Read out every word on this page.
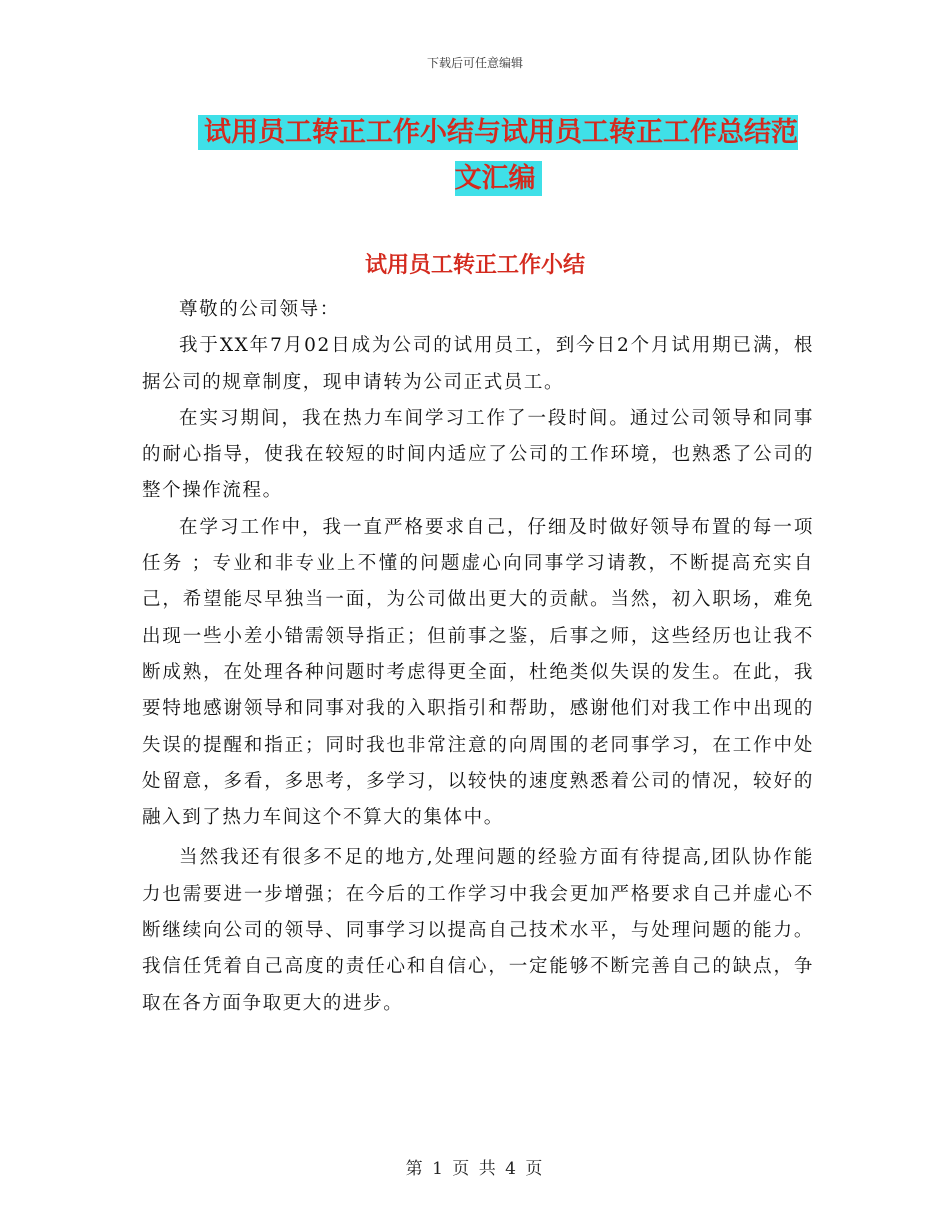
下载后可任意编辑
试用员工转正工作小结与试用员工转正工作总结范文汇编
试用员工转正工作小结

尊敬的公司领导：

我于XX年7月02日成为公司的试用员工，到今日2个月试用期已满，根据公司的规章制度，现申请转为公司正式员工。

在实习期间，我在热力车间学习工作了一段时间。通过公司领导和同事的耐心指导，使我在较短的时间内适应了公司的工作环境，也熟悉了公司的整个操作流程。

在学习工作中，我一直严格要求自己，仔细及时做好领导布置的每一项任务 ；专业和非专业上不懂的问题虚心向同事学习请教，不断提高充实自己，希望能尽早独当一面，为公司做出更大的贡献。当然，初入职场，难免出现一些小差小错需领导指正；但前事之鉴，后事之师，这些经历也让我不断成熟，在处理各种问题时考虑得更全面，杜绝类似失误的发生。在此，我要特地感谢领导和同事对我的入职指引和帮助，感谢他们对我工作中出现的失误的提醒和指正；同时我也非常注意的向周围的老同事学习，在工作中处处留意，多看，多思考，多学习，以较快的速度熟悉着公司的情况，较好的融入到了热力车间这个不算大的集体中。

当然我还有很多不足的地方,处理问题的经验方面有待提高,团队协作能力也需要进一步增强；在今后的工作学习中我会更加严格要求自己并虚心不断继续向公司的领导、同事学习以提高自己技术水平，与处理问题的能力。我信任凭着自己高度的责任心和自信心，一定能够不断完善自己的缺点，争取在各方面争取更大的进步。

第 1 页 共 4 页
